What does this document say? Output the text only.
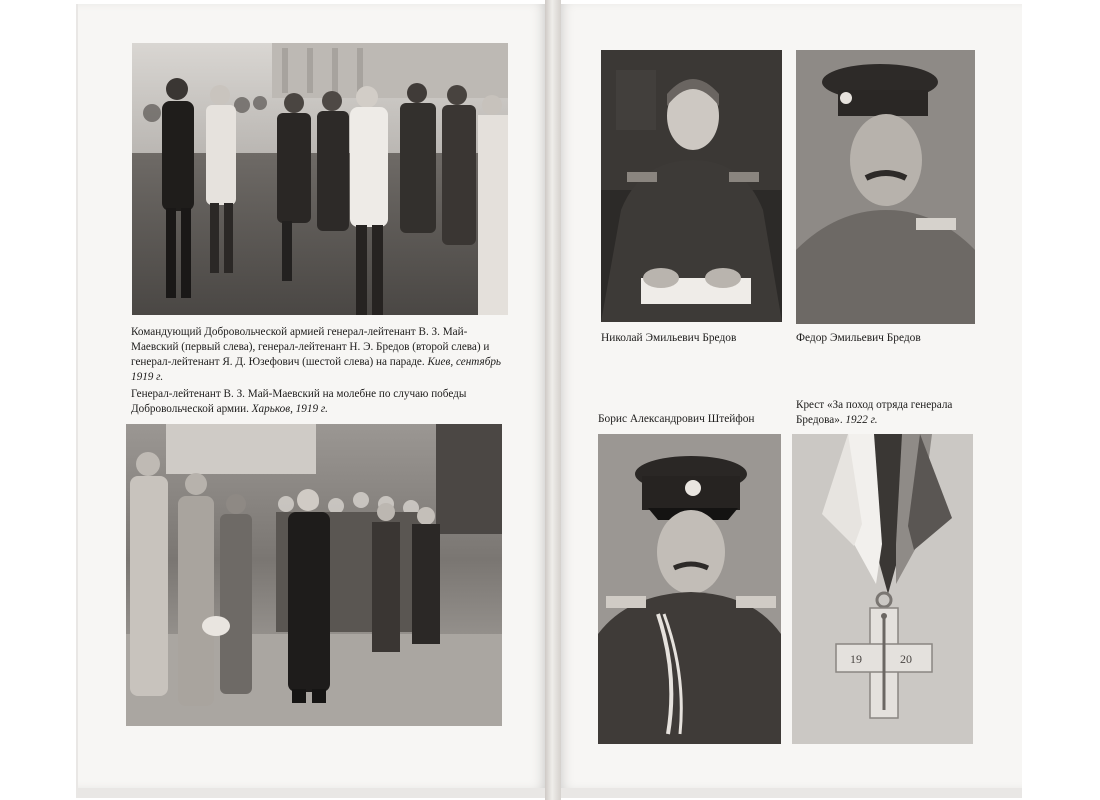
Командующий Добровольческой армией генерал-лейтенант В. З. Май-Маевский (первый слева), генерал-лейтенант Н. Э. Бредов (второй слева) и генерал-лейтенант Я. Д. Юзефович (шестой слева) на параде. Киев, сентябрь 1919 г.
Генерал-лейтенант В. З. Май-Маевский на молебне по случаю победы Добровольческой армии. Харьков, 1919 г.
Николай Эмильевич Бредов	Федор Эмильевич Бредов
Борис Александрович Штейфон
Крест «За поход отряда генерала Бредова». 1922 г.
19	20
